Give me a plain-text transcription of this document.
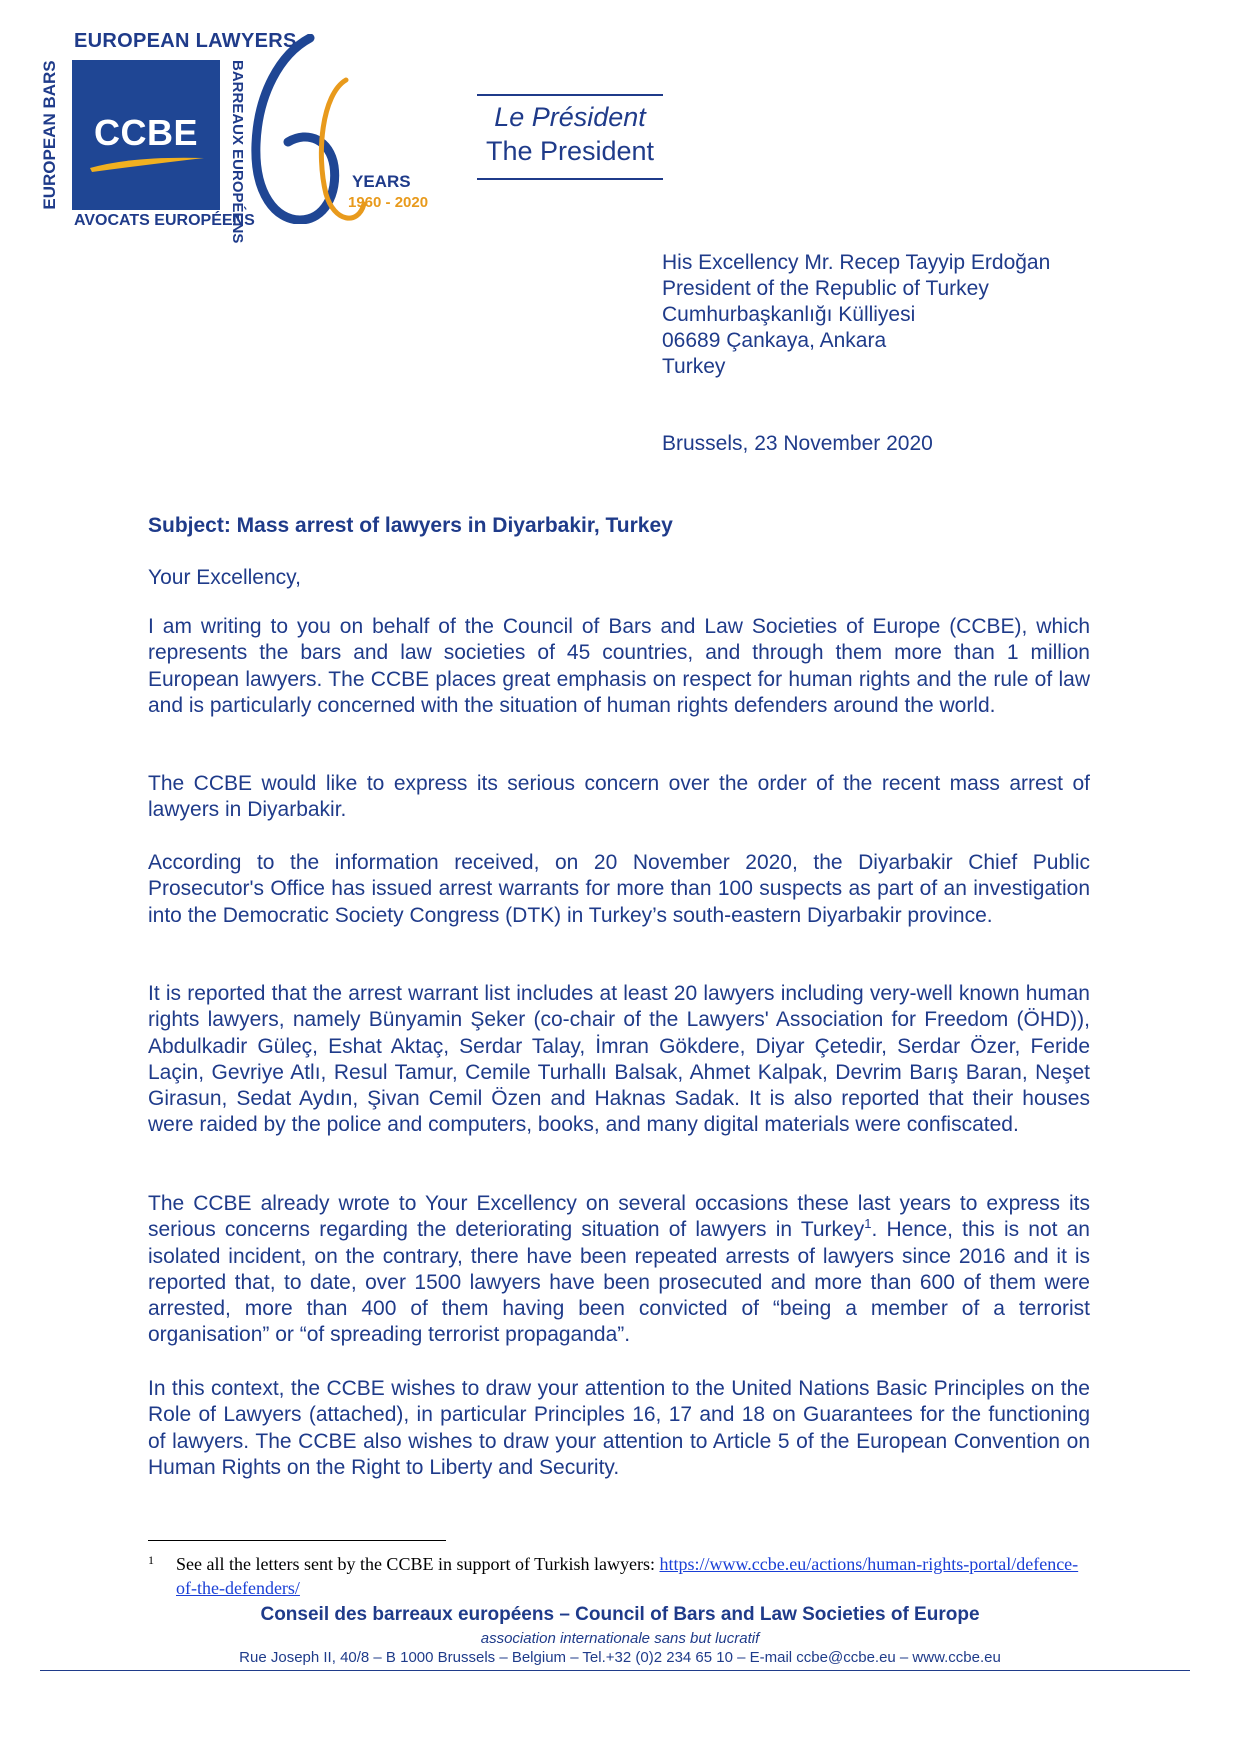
EUROPEAN LAWYERS
EUROPEAN BARS CCBE
AVOCATS EUROPÉENS
BARREAUX EUROPÉENS	YEARS
1960 - 2020
Le Président
The President
His Excellency Mr. Recep Tayyip Erdoğan
President of the Republic of Turkey
Cumhurbaşkanlığı Külliyesi
06689 Çankaya, Ankara
Turkey
Brussels, 23 November 2020
Subject: Mass arrest of lawyers in Diyarbakir, Turkey
Your Excellency,
I am writing to you on behalf of the Council of Bars and Law Societies of Europe (CCBE), which represents the bars and law societies of 45 countries, and through them more than 1 million European lawyers. The CCBE places great emphasis on respect for human rights and the rule of law and is particularly concerned with the situation of human rights defenders around the world.
The CCBE would like to express its serious concern over the order of the recent mass arrest of lawyers in Diyarbakir.
According to the information received, on 20 November 2020, the Diyarbakir Chief Public Prosecutor's Office has issued arrest warrants for more than 100 suspects as part of an investigation into the Democratic Society Congress (DTK) in Turkey’s south-eastern Diyarbakir province.
It is reported that the arrest warrant list includes at least 20 lawyers including very-well known human rights lawyers, namely Bünyamin Şeker (co-chair of the Lawyers' Association for Freedom (ÖHD)), Abdulkadir Güleç, Eshat Aktaç, Serdar Talay, İmran Gökdere, Diyar Çetedir, Serdar Özer, Feride Laçin, Gevriye Atlı, Resul Tamur, Cemile Turhallı Balsak, Ahmet Kalpak, Devrim Barış Baran, Neşet Girasun, Sedat Aydın, Şivan Cemil Özen and Haknas Sadak. It is also reported that their houses were raided by the police and computers, books, and many digital materials were confiscated.
The CCBE already wrote to Your Excellency on several occasions these last years to express its serious concerns regarding the deteriorating situation of lawyers in Turkey$^1$. Hence, this is not an isolated incident, on the contrary, there have been repeated arrests of lawyers since 2016 and it is reported that, to date, over 1500 lawyers have been prosecuted and more than 600 of them were arrested, more than 400 of them having been convicted of “being a member of a terrorist organisation” or “of spreading terrorist propaganda”.
In this context, the CCBE wishes to draw your attention to the United Nations Basic Principles on the Role of Lawyers (attached), in particular Principles 16, 17 and 18 on Guarantees for the functioning of lawyers. The CCBE also wishes to draw your attention to Article 5 of the European Convention on Human Rights on the Right to Liberty and Security.
1 See all the letters sent by the CCBE in support of Turkish lawyers: https://www.ccbe.eu/actions/human-rights-portal/defence-of-the-defenders/
Conseil des barreaux européens – Council of Bars and Law Societies of Europe
association internationale sans but lucratif
Rue Joseph II, 40/8 – B 1000 Brussels – Belgium – Tel.+32 (0)2 234 65 10 – E-mail ccbe@ccbe.eu – www.ccbe.eu
